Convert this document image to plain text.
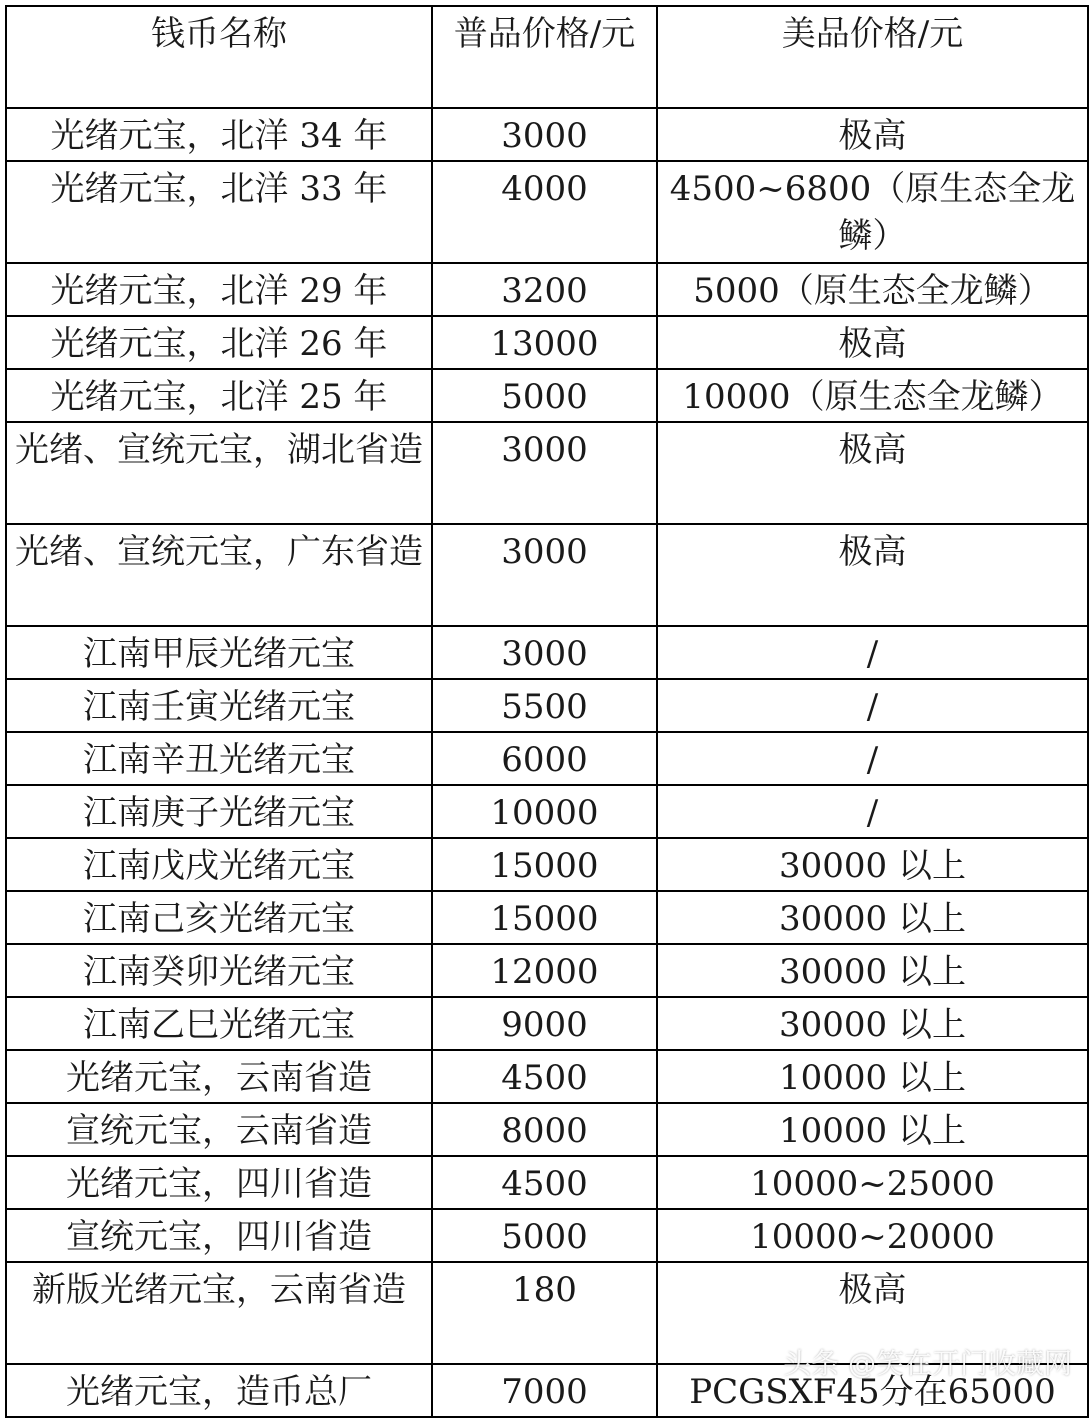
钱币名称	普品价格/元	美品价格/元
光绪元宝，北洋 34 年	3000	极高
光绪元宝，北洋 33 年	4000	4500~6800（原生态全龙鳞）
光绪元宝，北洋 29 年	3200	5000（原生态全龙鳞）
光绪元宝，北洋 26 年	13000	极高
光绪元宝，北洋 25 年	5000	10000（原生态全龙鳞）
光绪、宣统元宝，湖北省造	3000	极高
光绪、宣统元宝，广东省造	3000	极高
江南甲辰光绪元宝	3000	/
江南壬寅光绪元宝	5500	/
江南辛丑光绪元宝	6000	/
江南庚子光绪元宝	10000	/
江南戊戌光绪元宝	15000	30000 以上
江南己亥光绪元宝	15000	30000 以上
江南癸卯光绪元宝	12000	30000 以上
江南乙巳光绪元宝	9000	30000 以上
光绪元宝，云南省造	4500	10000 以上
宣统元宝，云南省造	8000	10000 以上
光绪元宝，四川省造	4500	10000~25000
宣统元宝，四川省造	5000	10000~20000
新版光绪元宝，云南省造	180	极高
光绪元宝，造币总厂	7000	PCGSXF45分在65000
头条 @笑在开门收藏网
